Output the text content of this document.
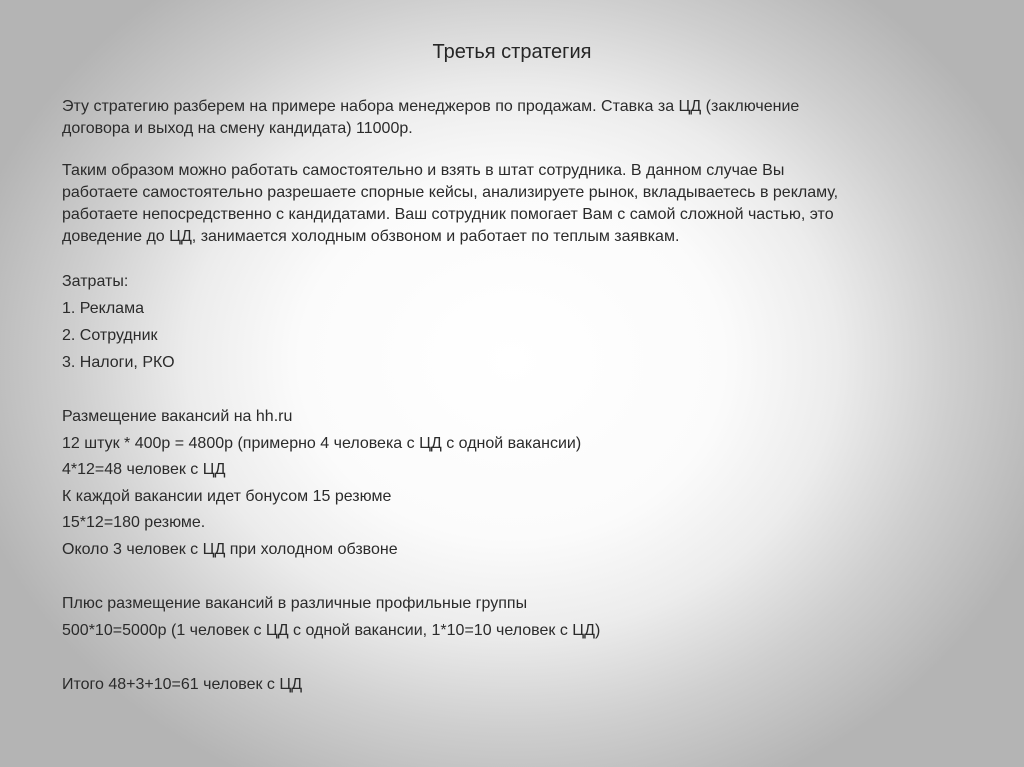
Третья стратегия
Эту стратегию разберем на примере набора менеджеров по продажам. Ставка за ЦД (заключение
договора и выход на смену кандидата) 11000р.
Таким образом можно работать самостоятельно и взять в штат сотрудника. В данном случае Вы
работаете самостоятельно разрешаете спорные кейсы, анализируете рынок, вкладываетесь в рекламу,
работаете непосредственно с кандидатами. Ваш сотрудник помогает Вам с самой сложной частью, это
доведение до ЦД, занимается холодным обзвоном и работает по теплым заявкам.
Затраты:
1. Реклама
2. Сотрудник
3. Налоги, РКО
Размещение вакансий на hh.ru
12 штук * 400р = 4800р (примерно 4 человека с ЦД с одной вакансии)
4*12=48 человек с ЦД
К каждой вакансии идет бонусом 15 резюме
15*12=180 резюме.
Около 3 человек с ЦД при холодном обзвоне
Плюс размещение вакансий в различные профильные группы
500*10=5000р (1 человек с ЦД с одной вакансии, 1*10=10 человек с ЦД)
Итого 48+3+10=61 человек с ЦД
